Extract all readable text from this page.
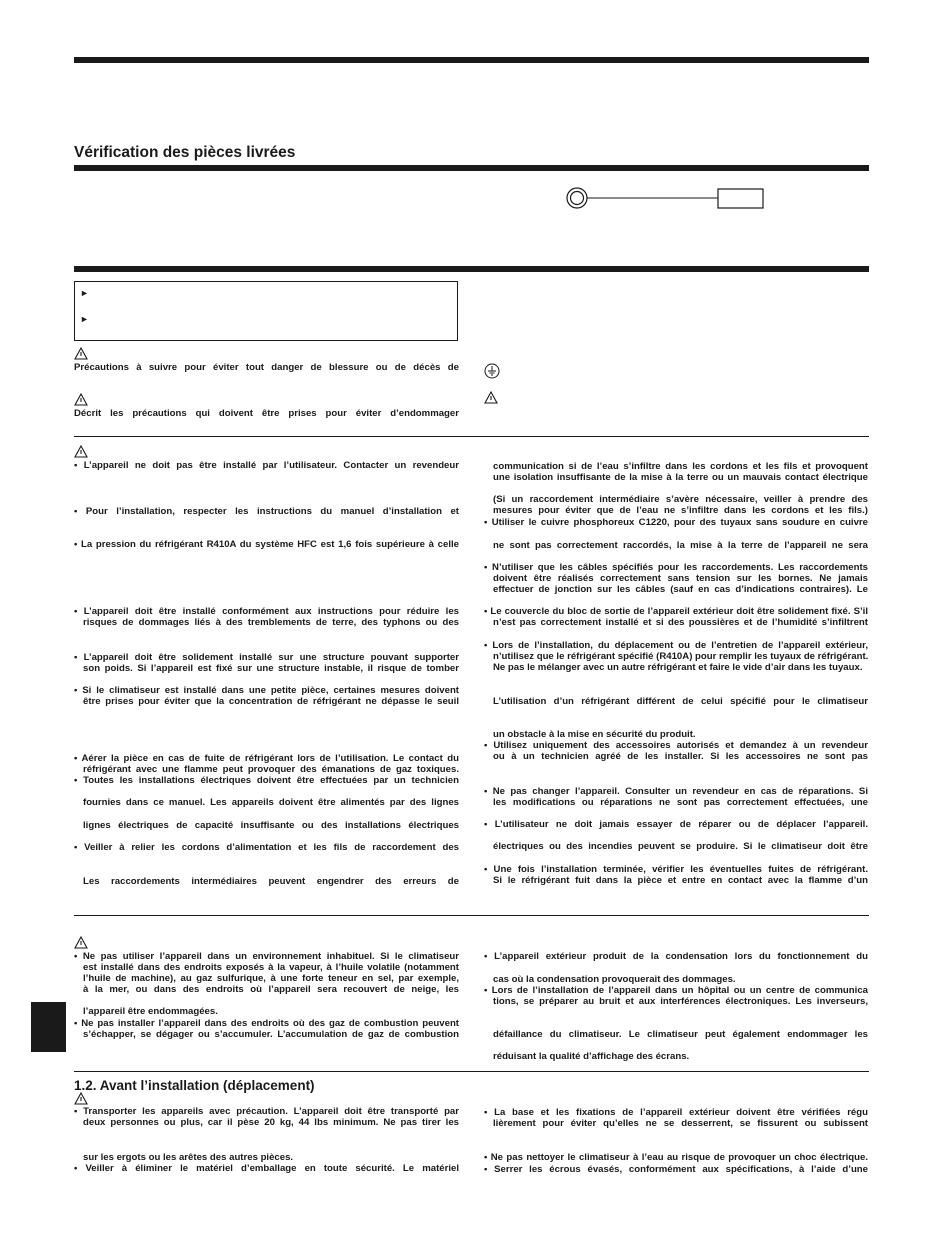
Vérification des pièces livrées
►
►
Précautions à suivre pour éviter tout danger de blessure ou de décès de
Décrit les précautions qui doivent être prises pour éviter d’endommager
• L’appareil ne doit pas être installé par l’utilisateur. Contacter un revendeur
• Pour l’installation, respecter les instructions du manuel d’installation et
• La pression du réfrigérant R410A du système HFC est 1,6 fois supérieure à celle
• L’appareil doit être installé conformément aux instructions pour réduire les
risques de dommages liés à des tremblements de terre, des typhons ou des
• L’appareil doit être solidement installé sur une structure pouvant supporter
son poids. Si l’appareil est fixé sur une structure instable, il risque de tomber
• Si le climatiseur est installé dans une petite pièce, certaines mesures doivent
être prises pour éviter que la concentration de réfrigérant ne dépasse le seuil
• Aérer la pièce en cas de fuite de réfrigérant lors de l’utilisation. Le contact du
réfrigérant avec une flamme peut provoquer des émanations de gaz toxiques.
• Toutes les installations électriques doivent être effectuées par un technicien
fournies dans ce manuel. Les appareils doivent être alimentés par des lignes
lignes électriques de capacité insuffisante ou des installations électriques
• Veiller à relier les cordons d’alimentation et les fils de raccordement des
Les raccordements intermédiaires peuvent engendrer des erreurs de
communication si de l’eau s’infiltre dans les cordons et les fils et provoquent
une isolation insuffisante de la mise à la terre ou un mauvais contact électrique
(Si un raccordement intermédiaire s’avère nécessaire, veiller à prendre des
mesures pour éviter que de l’eau ne s’infiltre dans les cordons et les fils.)
• Utiliser le cuivre phosphoreux C1220, pour des tuyaux sans soudure en cuivre
ne sont pas correctement raccordés, la mise à la terre de l’appareil ne sera
• N’utiliser que les câbles spécifiés pour les raccordements. Les raccordements
doivent être réalisés correctement sans tension sur les bornes. Ne jamais
effectuer de jonction sur les câbles (sauf en cas d’indications contraires). Le
• Le couvercle du bloc de sortie de l’appareil extérieur doit être solidement fixé. S’il
n’est pas correctement installé et si des poussières et de l’humidité s’infiltrent
• Lors de l’installation, du déplacement ou de l’entretien de l’appareil extérieur,
n’utilisez que le réfrigérant spécifié (R410A) pour remplir les tuyaux de réfrigérant.
Ne pas le mélanger avec un autre réfrigérant et faire le vide d’air dans les tuyaux.
L’utilisation d’un réfrigérant différent de celui spécifié pour le climatiseur
un obstacle à la mise en sécurité du produit.
• Utilisez uniquement des accessoires autorisés et demandez à un revendeur
ou à un technicien agréé de les installer. Si les accessoires ne sont pas
• Ne pas changer l’appareil. Consulter un revendeur en cas de réparations. Si
les modifications ou réparations ne sont pas correctement effectuées, une
• L’utilisateur ne doit jamais essayer de réparer ou de déplacer l’appareil.
électriques ou des incendies peuvent se produire. Si le climatiseur doit être
• Une fois l’installation terminée, vérifier les éventuelles fuites de réfrigérant.
Si le réfrigérant fuit dans la pièce et entre en contact avec la flamme d’un
• Ne pas utiliser l’appareil dans un environnement inhabituel. Si le climatiseur
est installé dans des endroits exposés à la vapeur, à l’huile volatile (notamment
l’huile de machine), au gaz sulfurique, à une forte teneur en sel, par exemple,
à la mer, ou dans des endroits où l’appareil sera recouvert de neige, les
l’appareil être endommagées.
• Ne pas installer l’appareil dans des endroits où des gaz de combustion peuvent
s’échapper, se dégager ou s’accumuler. L’accumulation de gaz de combustion
• L’appareil extérieur produit de la condensation lors du fonctionnement du
cas où la condensation provoquerait des dommages.
• Lors de l’installation de l’appareil dans un hôpital ou un centre de communica
tions, se préparer au bruit et aux interférences électroniques. Les inverseurs,
défaillance du climatiseur. Le climatiseur peut également endommager les
réduisant la qualité d’affichage des écrans.
1.2. Avant l’installation (déplacement)
• Transporter les appareils avec précaution. L’appareil doit être transporté par
deux personnes ou plus, car il pèse 20 kg, 44 lbs minimum. Ne pas tirer les
sur les ergots ou les arêtes des autres pièces.
• Veiller à éliminer le matériel d’emballage en toute sécurité. Le matériel
• La base et les fixations de l’appareil extérieur doivent être vérifiées régu
lièrement pour éviter qu’elles ne se desserrent, se fissurent ou subissent
• Ne pas nettoyer le climatiseur à l’eau au risque de provoquer un choc électrique.
• Serrer les écrous évasés, conformément aux spécifications, à l’aide d’une
